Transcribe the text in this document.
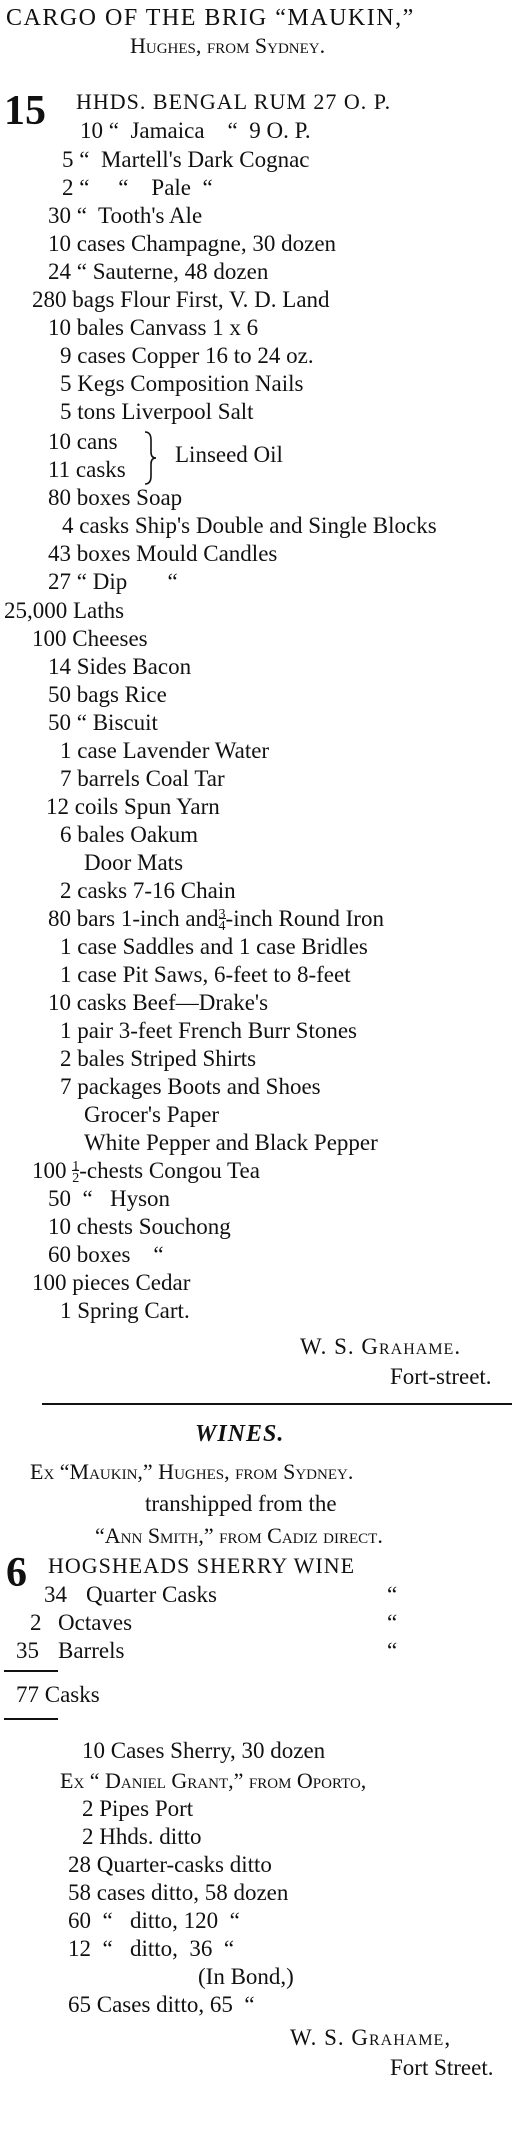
CARGO OF THE BRIG “MAUKIN,”
Hughes, from Sydney.
15 HHDS. BENGAL RUM 27 O. P.
10 “  Jamaica    “  9 O. P.
5 “  Martell's Dark Cognac
2 “     “    Pale  “
30 “  Tooth's Ale
10 cases Champagne, 30 dozen
24 “ Sauterne, 48 dozen
280 bags Flour First, V. D. Land
10 bales Canvass 1 x 6
9 cases Copper 16 to 24 oz.
5 Kegs Composition Nails
5 tons Liverpool Salt
10 cans
11 casks
Linseed Oil
80 boxes Soap
4 casks Ship's Double and Single Blocks
43 boxes Mould Candles
27 “ Dip       “
25,000 Laths
100 Cheeses
14 Sides Bacon
50 bags Rice
50 “ Biscuit
1 case Lavender Water
7 barrels Coal Tar
12 coils Spun Yarn
6 bales Oakum
Door Mats
2 casks 7-16 Chain
80 bars 1-inch and3
4-inch Round Iron
1 case Saddles and 1 case Bridles
1 case Pit Saws, 6-feet to 8-feet
10 casks Beef—Drake's
1 pair 3-feet French Burr Stones
2 bales Striped Shirts
7 packages Boots and Shoes
Grocer's Paper
White Pepper and Black Pepper
100 1
2-chests Congou Tea
50  “   Hyson
10 chests Souchong
60 boxes    “
100 pieces Cedar
1 Spring Cart.
W. S. Grahame.
Fort-street.
WINES.
Ex “Maukin,” Hughes, from Sydney.
transhipped from the
“Ann Smith,” from Cadiz direct.
6 HOGSHEADS SHERRY WINE
34 Quarter Casks	“
2 Octaves	“
35 Barrels	“
77 Casks
10 Cases Sherry, 30 dozen
Ex “ Daniel Grant,” from Oporto,
2 Pipes Port
2 Hhds. ditto
28 Quarter-casks ditto
58 cases ditto, 58 dozen
60  “   ditto, 120  “
12  “   ditto,  36  “
(In Bond,)
65 Cases ditto, 65  “
W. S. Grahame,
Fort Street.
